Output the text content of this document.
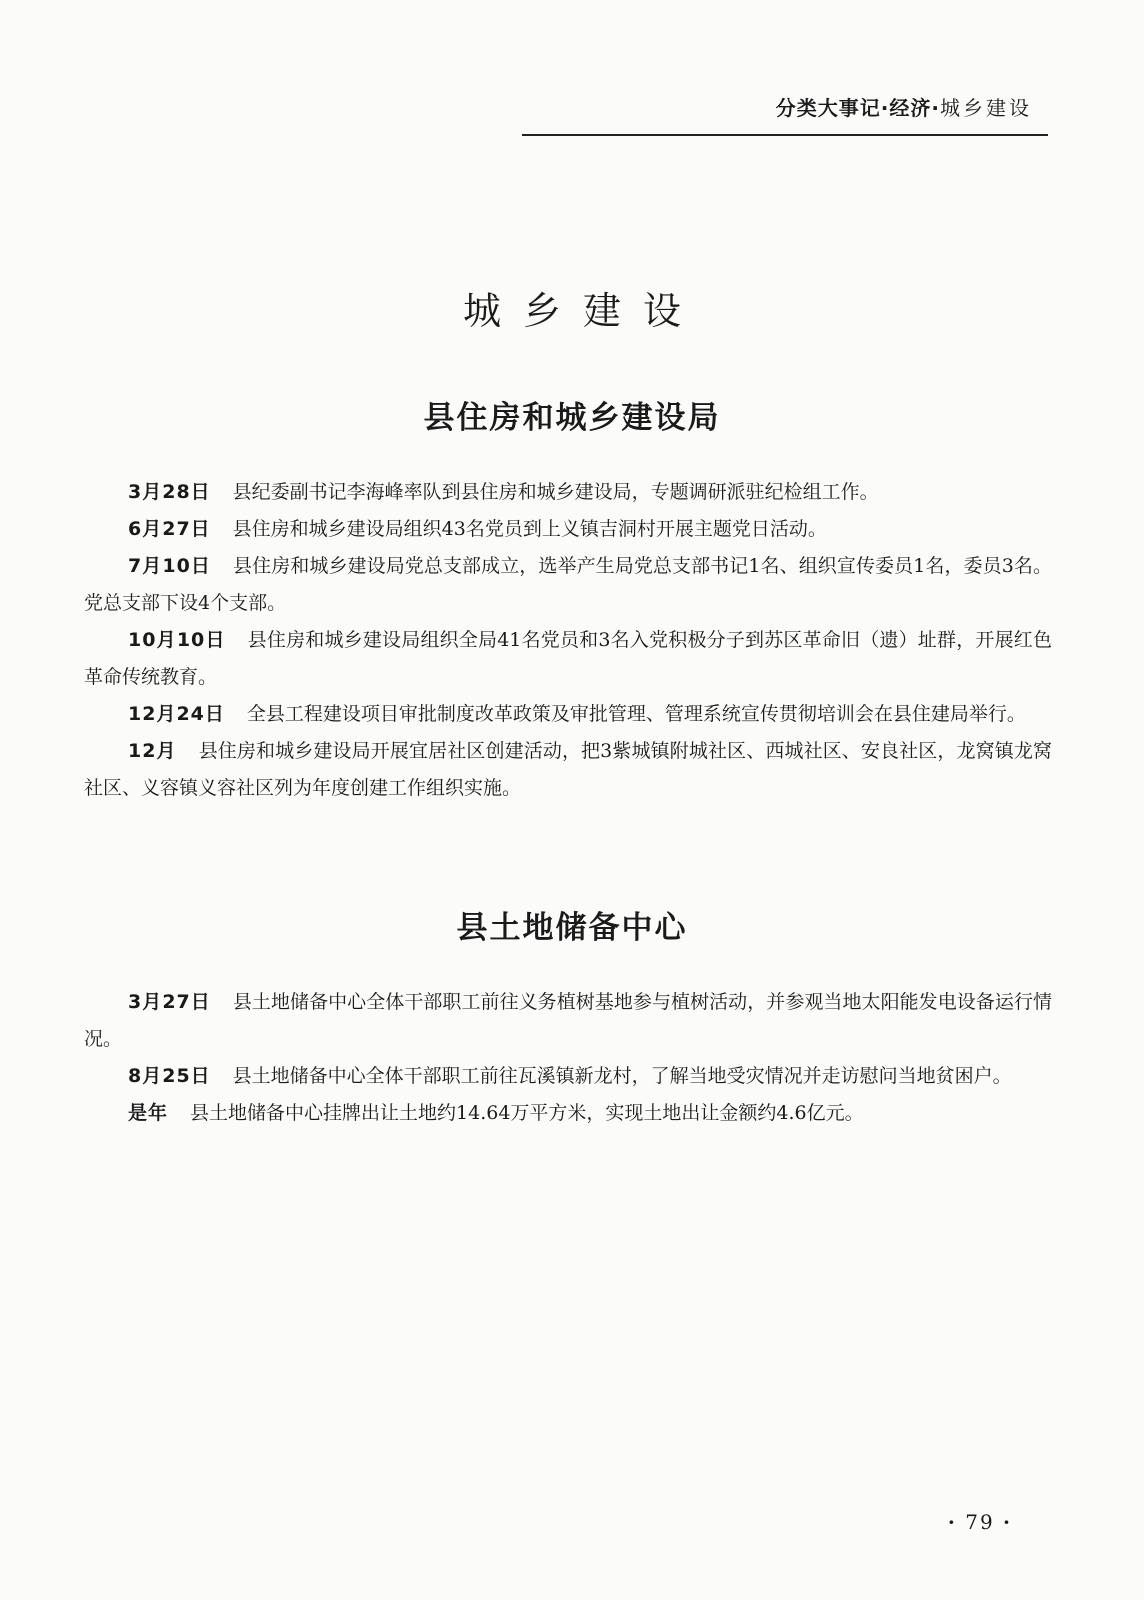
分类大事记·经济·城乡建设
城乡建设
县住房和城乡建设局

3月28日 县纪委副书记李海峰率队到县住房和城乡建设局，专题调研派驻纪检组工作。

6月27日 县住房和城乡建设局组织43名党员到上义镇吉洞村开展主题党日活动。

7月10日 县住房和城乡建设局党总支部成立，选举产生局党总支部书记1名、组织宣传委员1名，委员3名。党总支部下设4个支部。

10月10日 县住房和城乡建设局组织全局41名党员和3名入党积极分子到苏区革命旧（遗）址群，开展红色革命传统教育。

12月24日 全县工程建设项目审批制度改革政策及审批管理、管理系统宣传贯彻培训会在县住建局举行。

12月 县住房和城乡建设局开展宜居社区创建活动，把3紫城镇附城社区、西城社区、安良社区，龙窝镇龙窝社区、义容镇义容社区列为年度创建工作组织实施。

县土地储备中心

3月27日 县土地储备中心全体干部职工前往义务植树基地参与植树活动，并参观当地太阳能发电设备运行情况。

8月25日 县土地储备中心全体干部职工前往瓦溪镇新龙村，了解当地受灾情况并走访慰问当地贫困户。

是年 县土地储备中心挂牌出让土地约14.64万平方米，实现土地出让金额约4.6亿元。

· 79 ·
